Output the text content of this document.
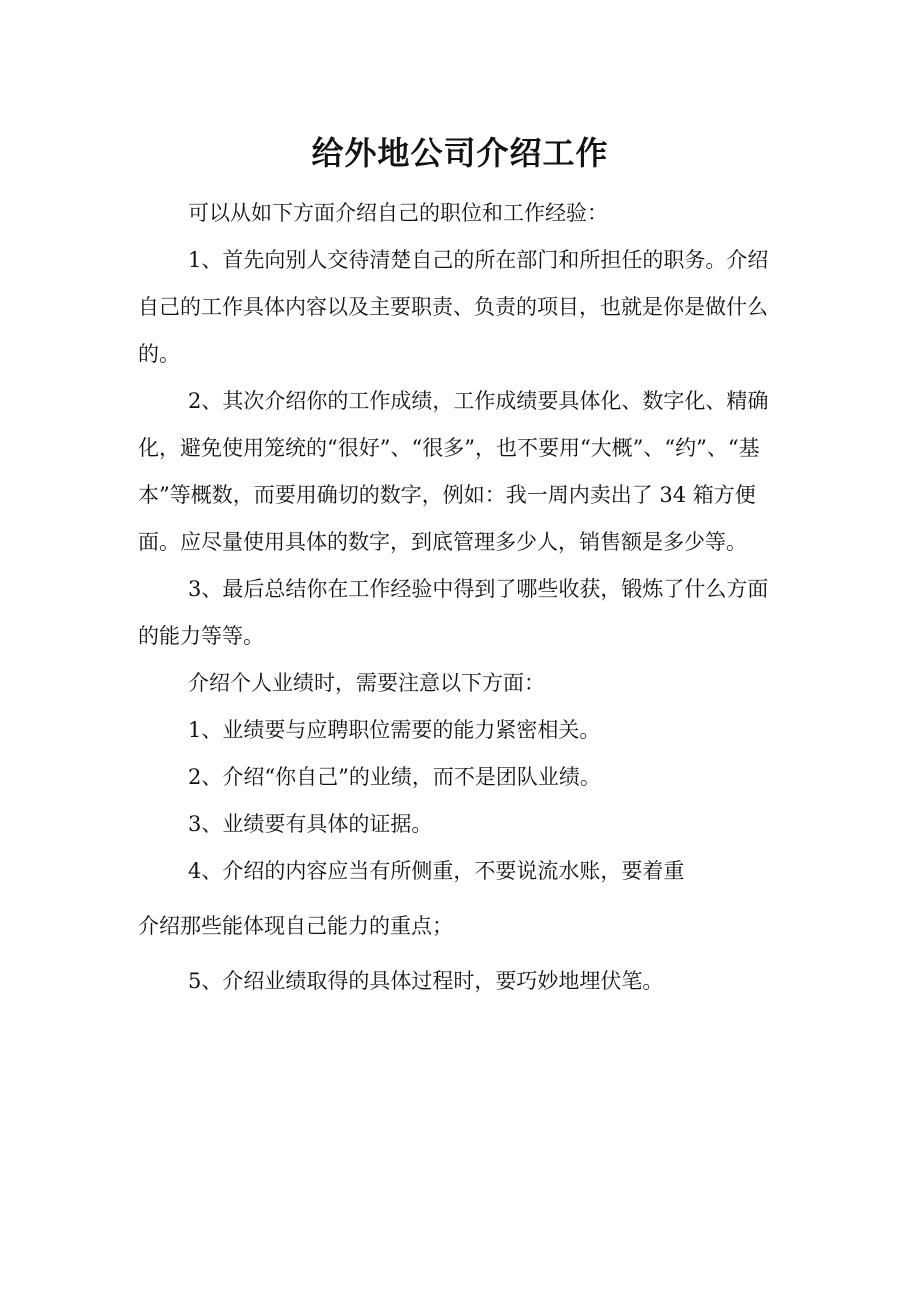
给外地公司介绍工作

可以从如下方面介绍自己的职位和工作经验：

1、首先向别人交待清楚自己的所在部门和所担任的职务。介绍自己的工作具体内容以及主要职责、负责的项目，也就是你是做什么的。

2、其次介绍你的工作成绩，工作成绩要具体化、数字化、精确化，避免使用笼统的“很好”、“很多”，也不要用“大概”、“约”、“基本”等概数，而要用确切的数字，例如：我一周内卖出了 34 箱方便面。应尽量使用具体的数字，到底管理多少人，销售额是多少等。

3、最后总结你在工作经验中得到了哪些收获，锻炼了什么方面的能力等等。

介绍个人业绩时，需要注意以下方面：

1、业绩要与应聘职位需要的能力紧密相关。

2、介绍“你自己”的业绩，而不是团队业绩。

3、业绩要有具体的证据。

4、介绍的内容应当有所侧重，不要说流水账，要着重

介绍那些能体现自己能力的重点；

5、介绍业绩取得的具体过程时，要巧妙地埋伏笔。
